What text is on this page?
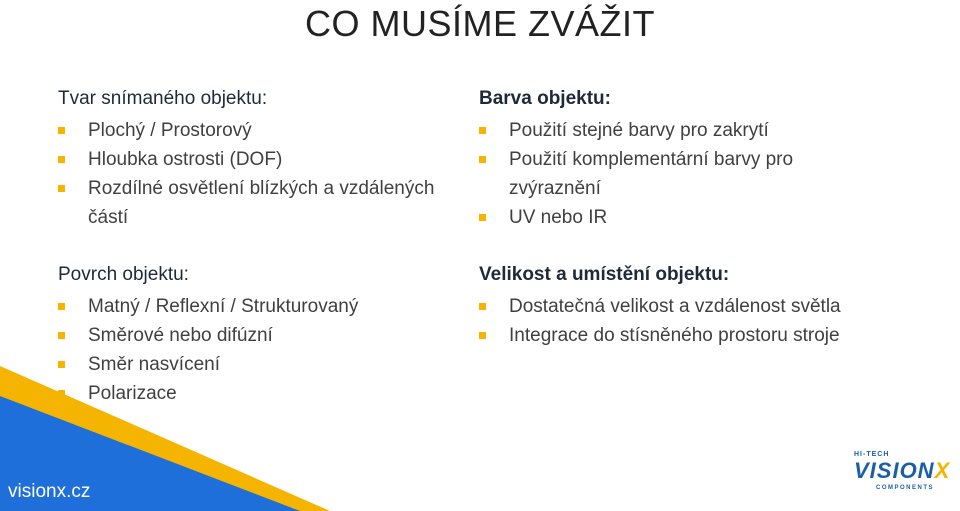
CO MUSÍME ZVÁŽIT
Tvar snímaného objektu:
Plochý / Prostorový
Hloubka ostrosti (DOF)
Rozdílné osvětlení blízkých a vzdálených částí
Povrch objektu:
Matný / Reflexní / Strukturovaný
Směrové nebo difúzní
Směr nasvícení
Polarizace
Barva objektu:
Použití stejné barvy pro zakrytí
Použití komplementární barvy pro zvýraznění
UV nebo IR
Velikost a umístění objektu:
Dostatečná velikost a vzdálenost světla
Integrace do stísněného prostoru stroje
visionx.cz
HI-TECH
VISIONX
COMPONENTS
